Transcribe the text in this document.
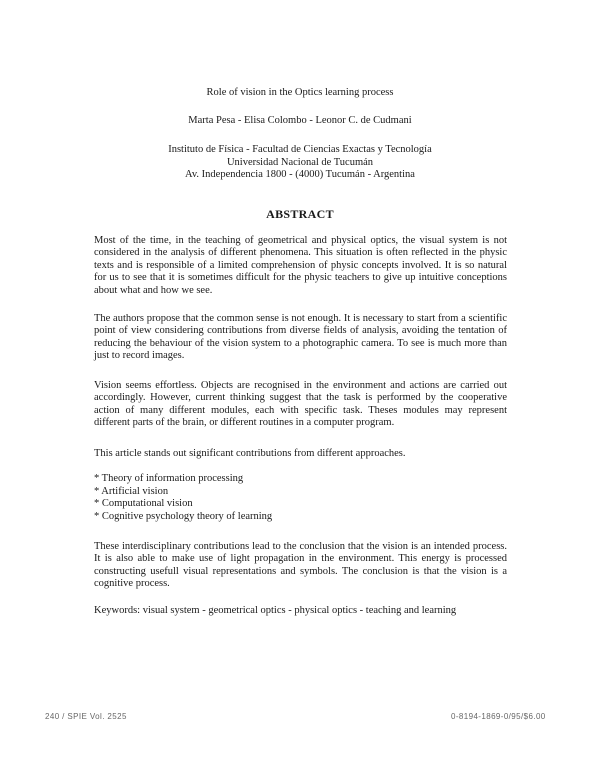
Role of vision in the Optics learning process
Marta Pesa - Elisa Colombo - Leonor C. de Cudmani
Instituto de Física - Facultad de Ciencias Exactas y Tecnología
Universidad Nacional de Tucumán
Av. Independencia 1800 - (4000) Tucumán - Argentina
ABSTRACT

Most of the time, in the teaching of geometrical and physical optics, the visual system is not considered in the analysis of different phenomena. This situation is often reflected in the physic texts and is responsible of a limited comprehension of physic concepts involved. It is so natural for us to see that it is sometimes difficult for the physic teachers to give up intuitive conceptions about what and how we see.

The authors propose that the common sense is not enough. It is necessary to start from a scientific point of view considering contributions from diverse fields of analysis, avoiding the tentation of reducing the behaviour of the vision system to a photographic camera. To see is much more than just to record images.

Vision seems effortless. Objects are recognised in the environment and actions are carried out accordingly. However, current thinking suggest that the task is performed by the cooperative action of many different modules, each with specific task. Theses modules may represent different parts of the brain, or different routines in a computer program.

This article stands out significant contributions from different approaches.

* Theory of information processing
* Artificial vision
* Computational vision
* Cognitive psychology theory of learning

These interdisciplinary contributions lead to the conclusion that the vision is an intended process. It is also able to make use of light propagation in the environment. This energy is processed constructing usefull visual representations and symbols. The conclusion is that the vision is a cognitive process.

Keywords: visual system - geometrical optics - physical optics - teaching and learning

240 / SPIE Vol. 2525	0-8194-1869-0/95/$6.00
